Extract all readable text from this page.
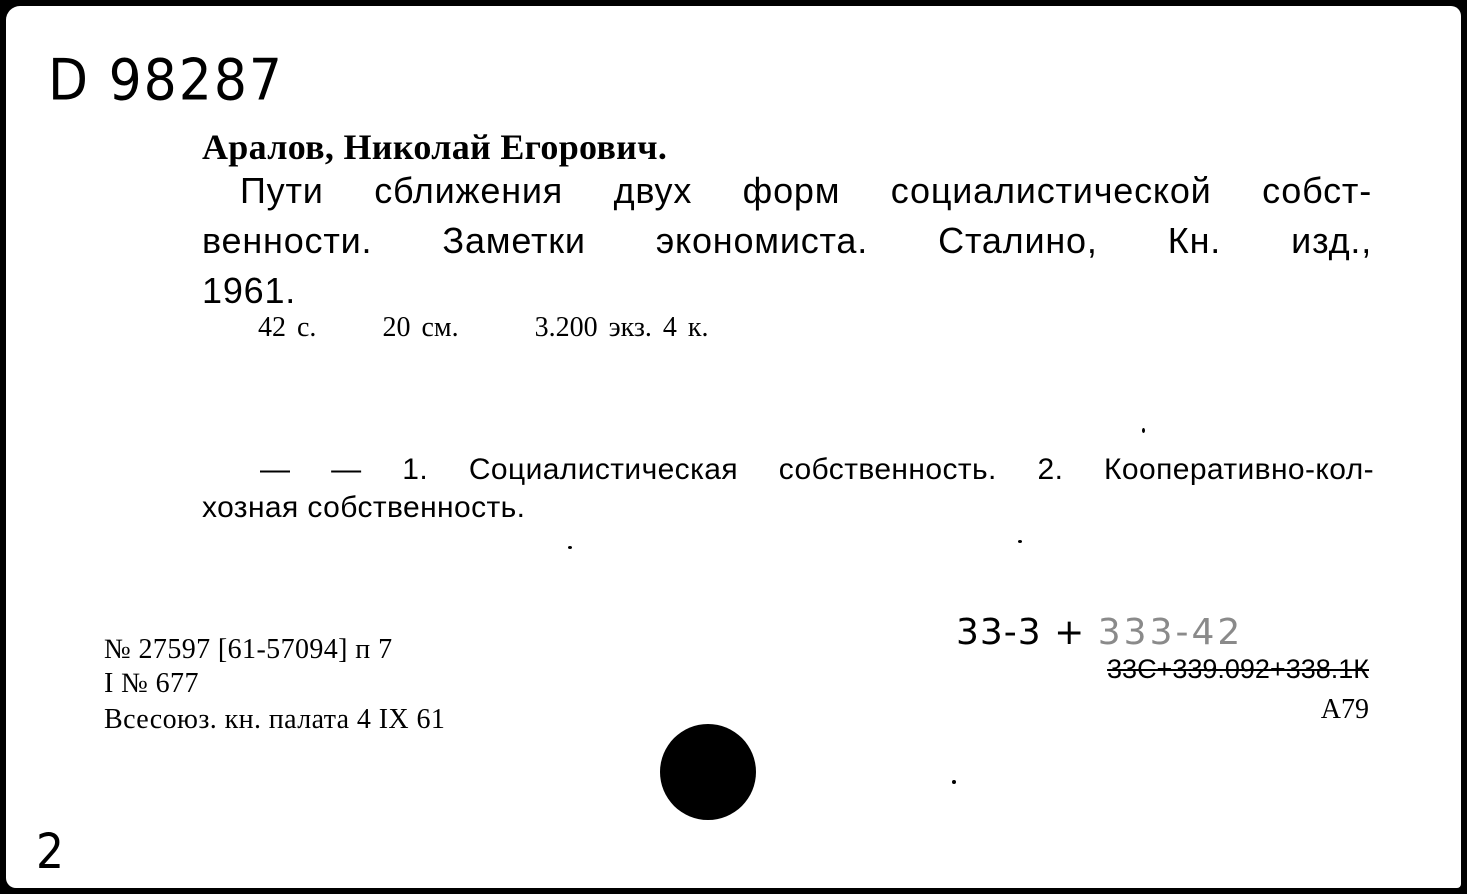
D 98287
Аралов, Николай Егорович.
Пути сближения двух форм социалистической собст-
венности. Заметки экономиста. Сталино, Кн. изд.,
1961.
42 с. 20 см.	3.200 экз. 4 к.
— — 1. Социалистическая собственность. 2. Кооперативно-кол-
хозная собственность.
№ 27597 [61-57094] п 7
I № 677
Всесоюз. кн. палата 4 IX 61
33-3 + 333-42
33С+339.092+338.1К
А79
2
